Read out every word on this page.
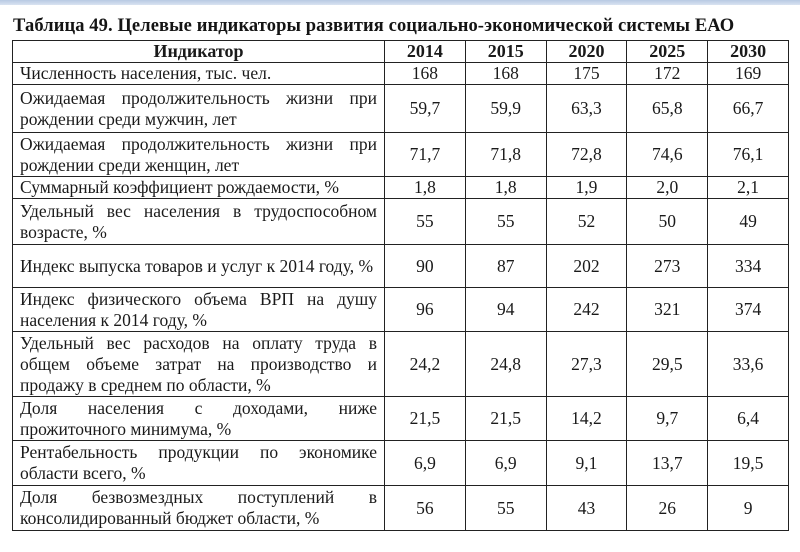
Таблица 49. Целевые индикаторы развития социально-экономической системы ЕАО
Индикатор	2014	2015	2020	2025	2030
Численность населения, тыс. чел.	168	168	175	172	169
Ожидаемая продолжительность жизни при рождении среди мужчин, лет	59,7	59,9	63,3	65,8	66,7
Ожидаемая продолжительность жизни при рождении среди женщин, лет	71,7	71,8	72,8	74,6	76,1
Суммарный коэффициент рождаемости, %	1,8	1,8	1,9	2,0	2,1
Удельный вес населения в трудоспособном возрасте, %	55	55	52	50	49
Индекс выпуска товаров и услуг к 2014 году, %	90	87	202	273	334
Индекс физического объема ВРП на душу населения к 2014 году, %	96	94	242	321	374
Удельный вес расходов на оплату труда в общем объеме затрат на производство и продажу в среднем по области, %	24,2	24,8	27,3	29,5	33,6
Доля населения с доходами, ниже прожиточного минимума, %	21,5	21,5	14,2	9,7	6,4
Рентабельность продукции по экономике области всего, %	6,9	6,9	9,1	13,7	19,5
Доля безвозмездных поступлений в консолидированный бюджет области, %	56	55	43	26	9
